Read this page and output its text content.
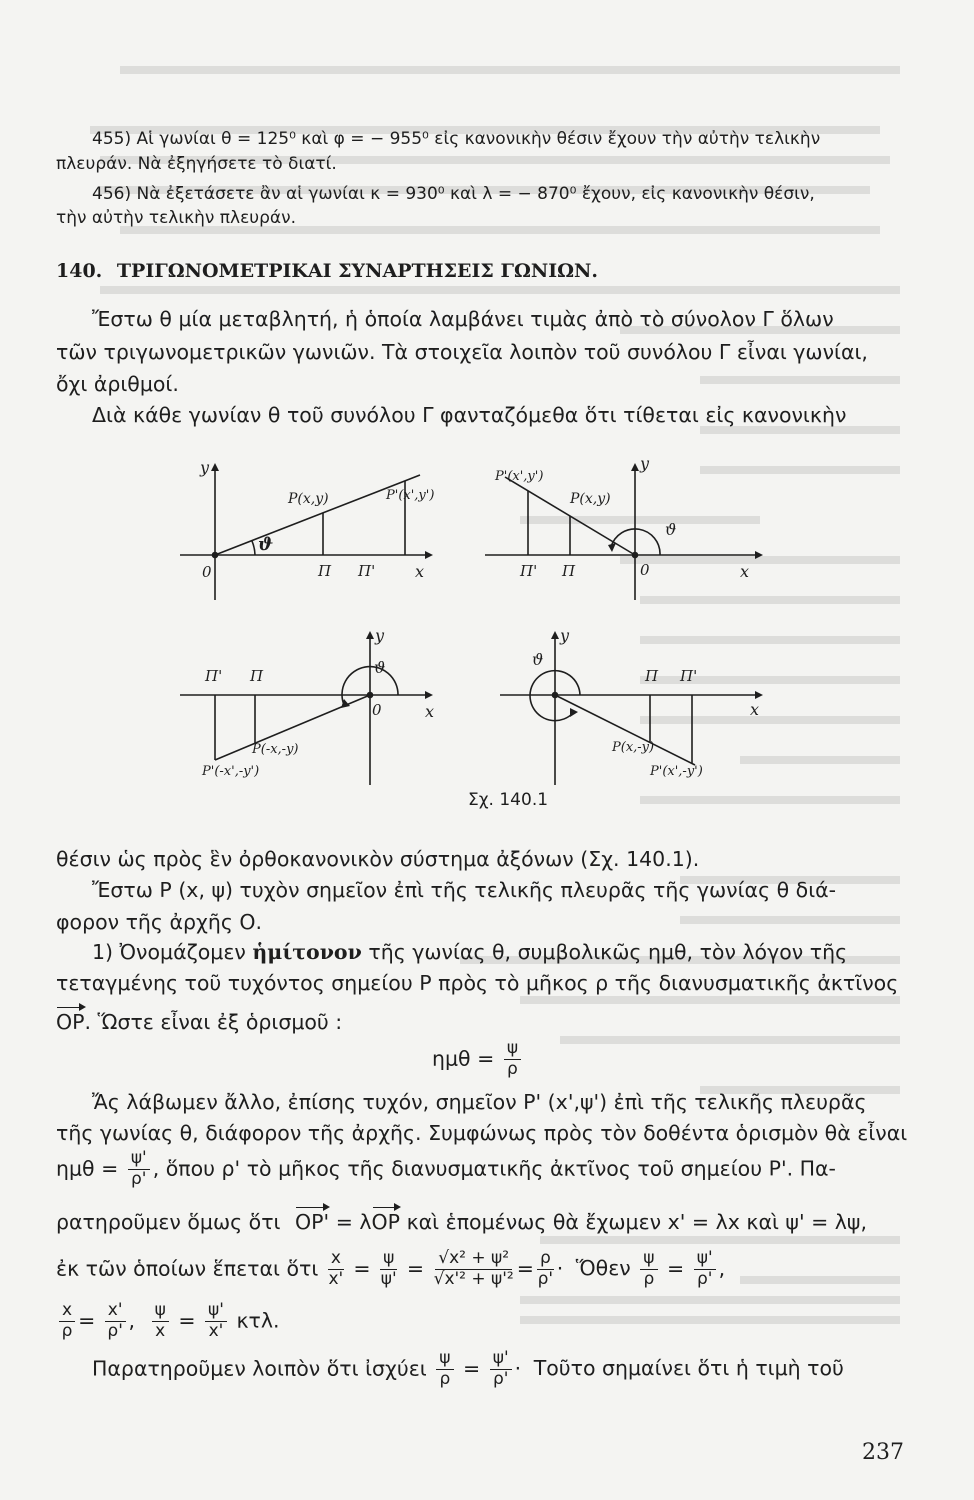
455) Αἱ γωνίαι θ = 125⁰ καὶ φ = − 955⁰ εἰς κανονικὴν θέσιν ἔχουν τὴν αὐτὴν τελικὴν
πλευράν. Νὰ ἐξηγήσετε τὸ διατί.
456) Νὰ ἐξετάσετε ἂν αἱ γωνίαι κ = 930⁰ καὶ λ = − 870⁰ ἔχουν, εἰς κανονικὴν θέσιν,
τὴν αὐτὴν τελικὴν πλευράν.
140. ΤΡΙΓΩΝΟΜΕΤΡΙΚΑΙ ΣΥΝΑΡΤΗΣΕΙΣ ΓΩΝΙΩΝ.
Ἔστω θ μία μεταβλητή, ἡ ὁποία λαμβάνει τιμὰς ἀπὸ τὸ σύνολον Γ ὅλων
τῶν τριγωνομετρικῶν γωνιῶν. Τὰ στοιχεῖα λοιπὸν τοῦ συνόλου Γ εἶναι γωνίαι,
ὄχι ἀριθμοί.
Διὰ κάθε γωνίαν θ τοῦ συνόλου Γ φανταζόμεθα ὅτι τίθεται εἰς κανονικὴν
y
0
ϑ
Π Π' x
P(x,y)	P'(x',y')
P'(x',y')
P(x,y)
y
Π' Π	0
ϑ
x
y
Π' Π	ϑ
0	x
P(-x,-y)
P'(-x',-y')
y
ϑ
Π Π'
x
P(x,-y)
P'(x',-y')
Σχ. 140.1
θέσιν ὡς πρὸς ἓν ὀρθοκανονικὸν σύστημα ἀξόνων (Σχ. 140.1).
Ἔστω Ρ (x, ψ) τυχὸν σημεῖον ἐπὶ τῆς τελικῆς πλευρᾶς τῆς γωνίας θ διά-
φορον τῆς ἀρχῆς Ο.
1) Ὀνομάζομεν ἡμίτονον τῆς γωνίας θ, συμβολικῶς ημθ, τὸν λόγον τῆς
τεταγμένης τοῦ τυχόντος σημείου Ρ πρὸς τὸ μῆκος ρ τῆς διανυσματικῆς ἀκτῖνος
ΟΡ. Ὥστε εἶναι ἐξ ὁρισμοῦ :
$\eta\mu\theta = \frac{\psi}{\rho}$
Ἄς λάβωμεν ἄλλο, ἐπίσης τυχόν, σημεῖον Ρ' (x',ψ') ἐπὶ τῆς τελικῆς πλευρᾶς
τῆς γωνίας θ, διάφορον τῆς ἀρχῆς. Συμφώνως πρὸς τὸν δοθέντα ὁρισμὸν θὰ εἶναι
$\eta\mu\theta = \frac{\psi'}{\rho'}$ , ὅπου ρ' τὸ μῆκος τῆς διανυσματικῆς ἀκτῖνος τοῦ σημείου Ρ'. Πα-
ρατηροῦμεν ὅμως ὅτι ΟΡ' = λΟΡ καὶ ἑπομένως θὰ ἔχωμεν x' = λx καὶ ψ' = λψ,
ἐκ τῶν ὁποίων ἕπεται ὅτι $\frac{x}{x'} = \frac{\psi}{\psi'} = \frac{\text{√x² + ψ²}}{\text{√x'² + ψ'²}} = \frac{\rho}{\rho'}$ · Ὅθεν $\frac{\psi}{\rho} = \frac{\psi'}{\rho'}$ ,
$\frac{x}{\rho} = \frac{x'}{\rho'}$ , $\frac{\psi}{x} = \frac{\psi'}{x'} \kappa\tau\lambda$.
Παρατηροῦμεν λοιπὸν ὅτι ἰσχύει $\frac{\psi}{\rho} = \frac{\psi'}{\rho'}$ · Τοῦτο σημαίνει ὅτι ἡ τιμὴ τοῦ
237
